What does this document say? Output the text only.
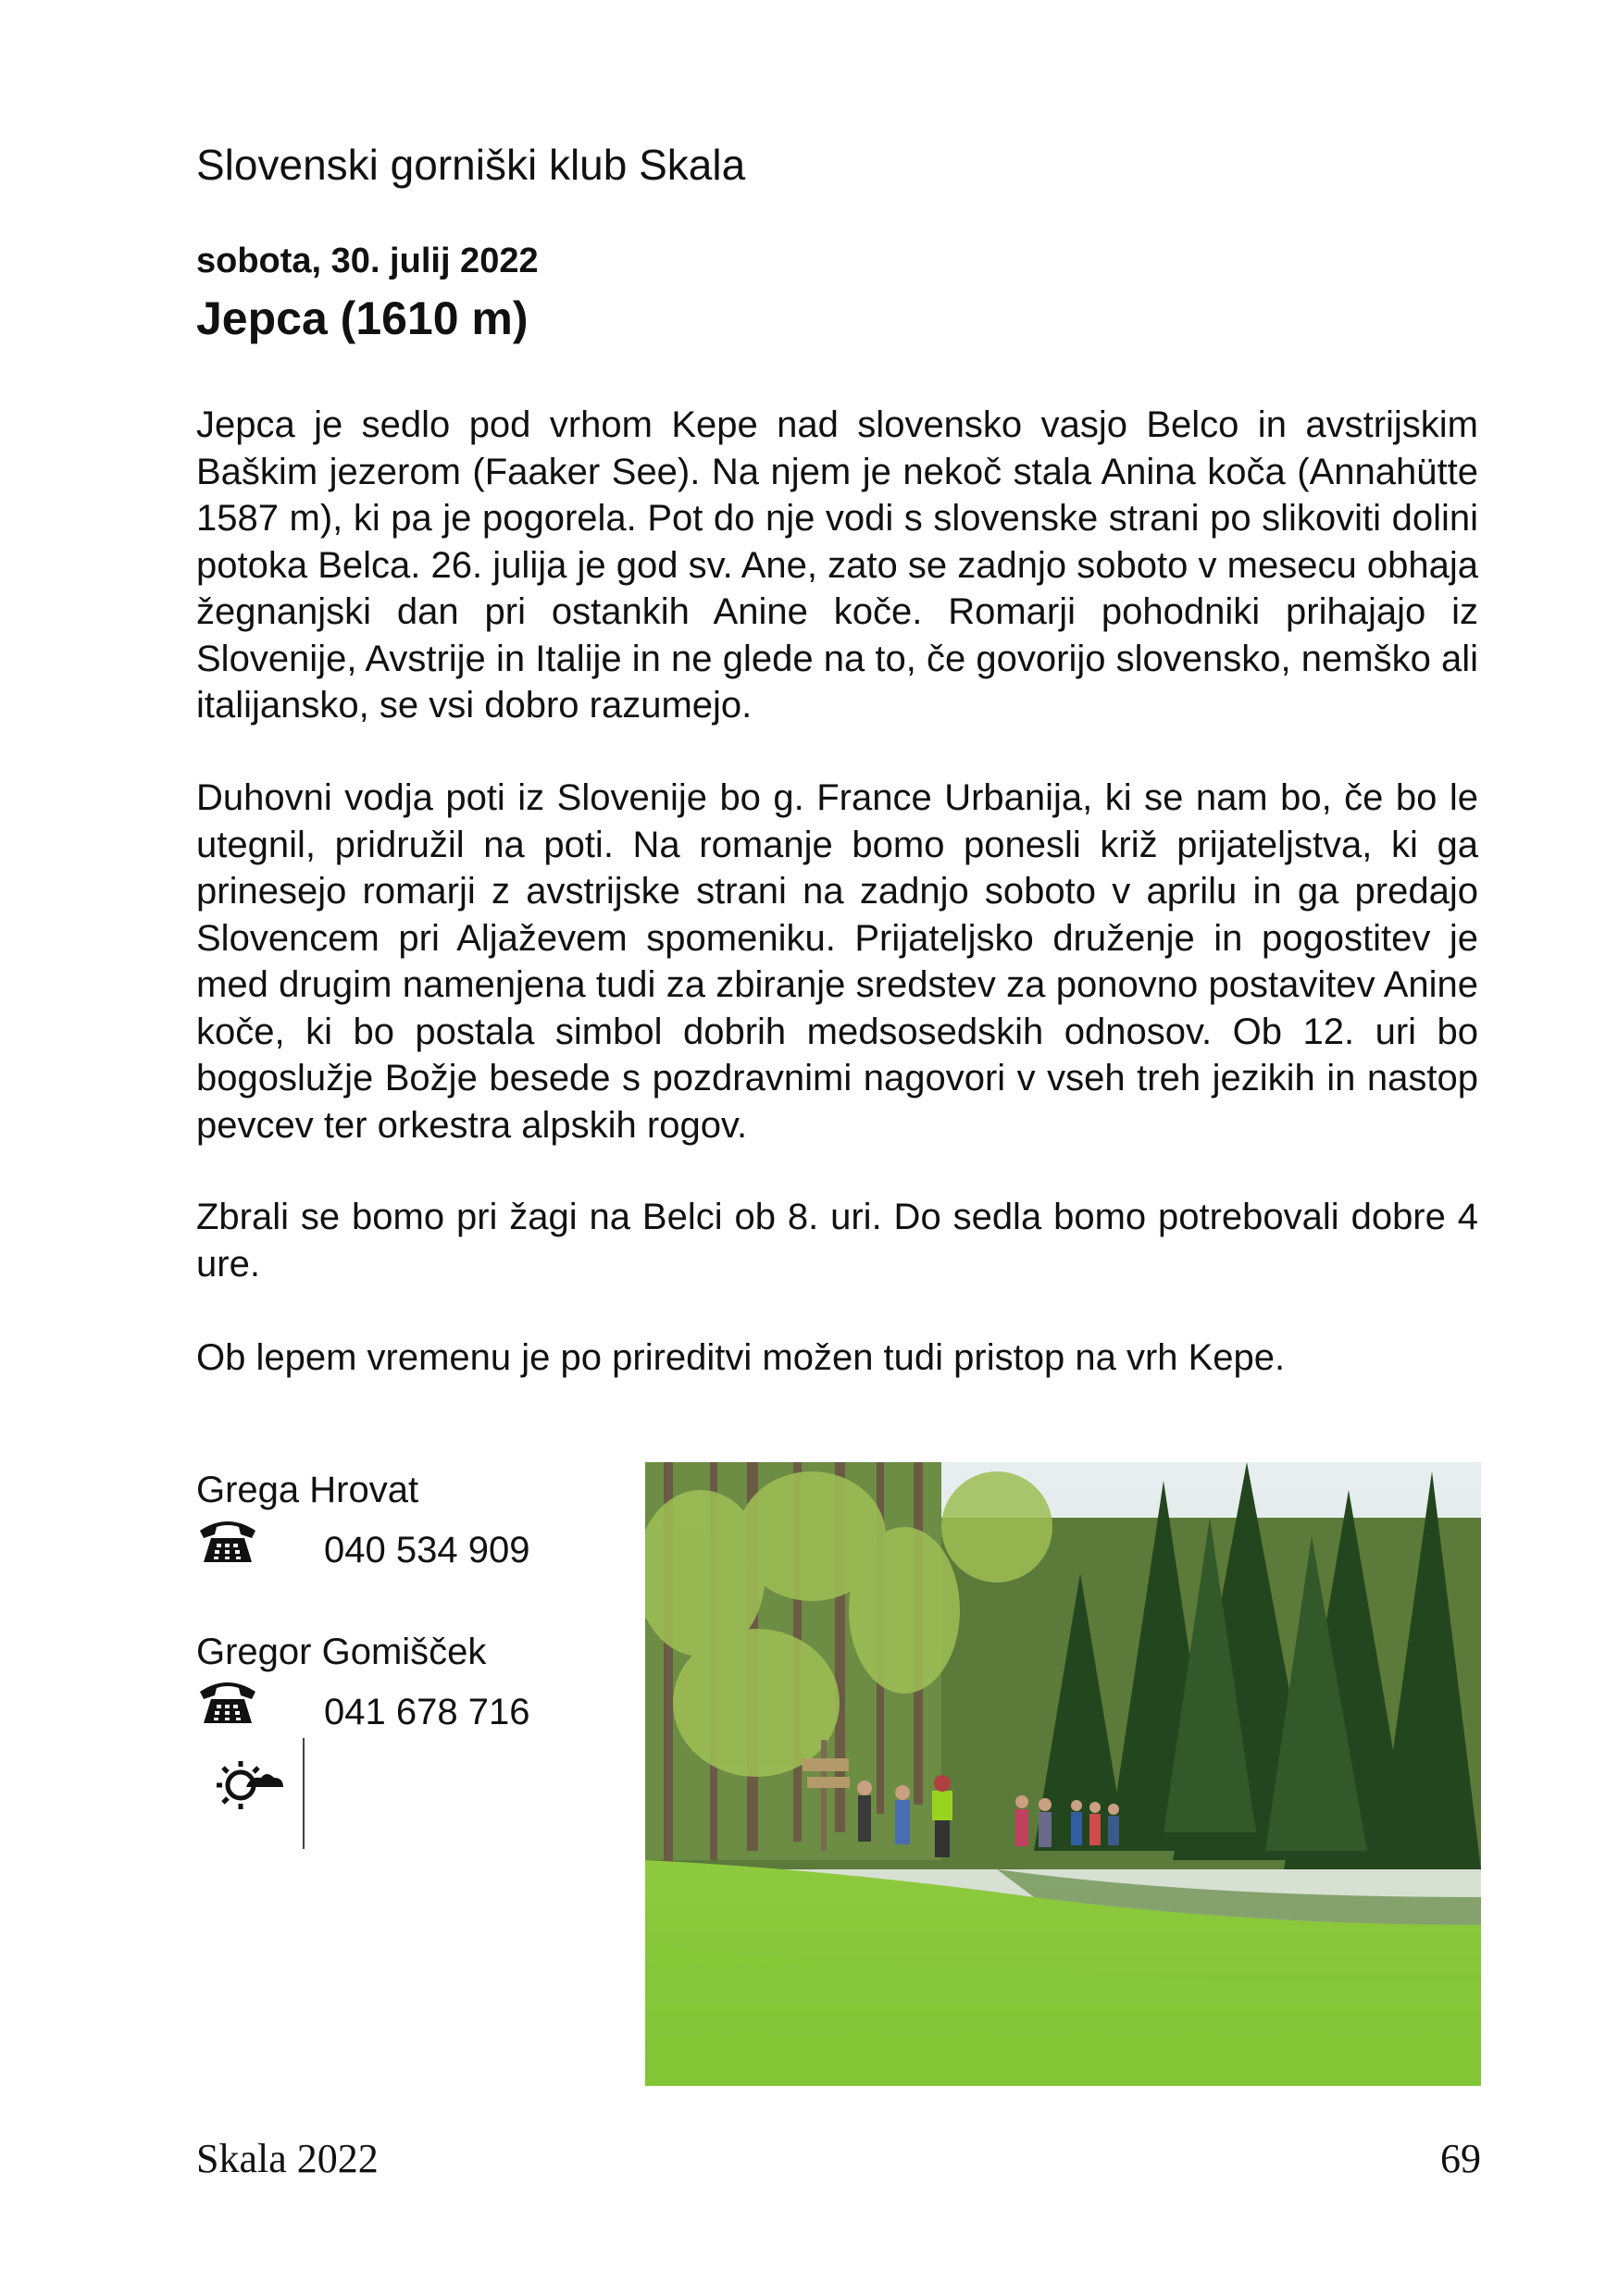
Slovenski gorniški klub Skala
sobota, 30. julij 2022
Jepca (1610 m)
Jepca je sedlo pod vrhom Kepe nad slovensko vasjo Belco in avstrijskim Baškim jezerom (Faaker See). Na njem je nekoč stala Anina koča (Annahütte 1587 m), ki pa je pogorela. Pot do nje vodi s slovenske strani po slikoviti dolini potoka Belca. 26. julija je god sv. Ane, zato se zadnjo soboto v mesecu obhaja žegnanjski dan pri ostankih Anine koče. Romarji pohodniki prihajajo iz Slovenije, Avstrije in Italije in ne glede na to, če govorijo slovensko, nemško ali italijansko, se vsi dobro razumejo.
Duhovni vodja poti iz Slovenije bo g. France Urbanija, ki se nam bo, če bo le utegnil, pridružil na poti. Na romanje bomo ponesli križ prijateljstva, ki ga prinesejo romarji z avstrijske strani na zadnjo soboto v aprilu in ga predajo Slovencem pri Aljaževem spomeniku. Prijateljsko druženje in pogostitev je med drugim namenjena tudi za zbiranje sredstev za ponovno postavitev Anine koče, ki bo postala simbol dobrih medsosedskih odnosov. Ob 12. uri bo bogoslužje Božje besede s pozdravnimi nagovori v vseh treh jezikih in nastop pevcev ter orkestra alpskih rogov.
Zbrali se bomo pri žagi na Belci ob 8. uri. Do sedla bomo potrebovali dobre 4 ure.
Ob lepem vremenu je po prireditvi možen tudi pristop na vrh Kepe.
Grega Hrovat
040 534 909
Gregor Gomišček
041 678 716
Skala 2022	69
